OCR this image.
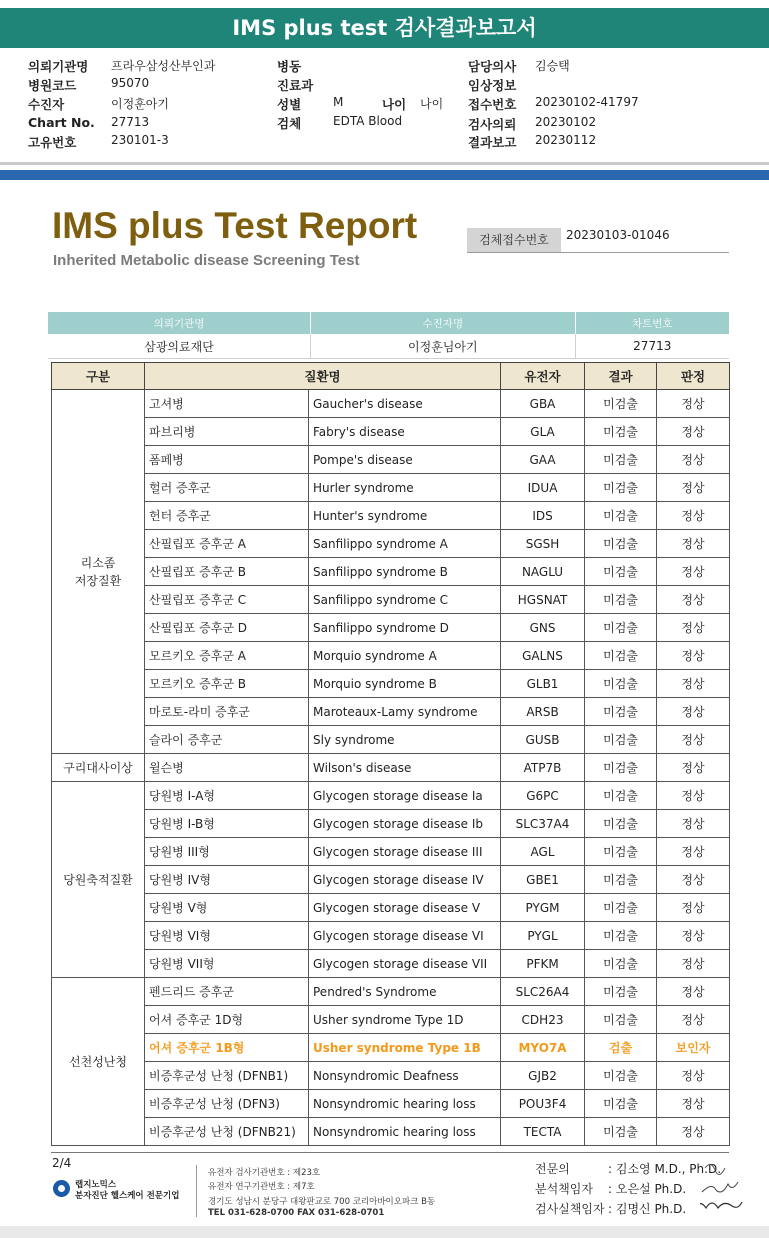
IMS plus test 검사결과보고서
의뢰기관명 프라우삼성산부인과
병원코드	95070
수진자	이정훈아기
Chart No. 27713
고유번호	230101-3
병동
진료과
성별	M	나이 나이
검체	EDTA Blood
담당의사 김승택
임상정보
접수번호 20230102-41797
검사의뢰 20230102
결과보고 20230112
IMS plus Test Report
Inherited Metabolic disease Screening Test
검체접수번호	20230103-01046
의뢰기관명	수진자명	차트번호
삼광의료재단	이정훈님아기	27713
구분	질환명		유전자	결과	판정
리소좀
저장질환	고셔병	Gaucher's disease	GBA	미검출	정상
	파브리병	Fabry's disease	GLA	미검출	정상
	폼페병	Pompe's disease	GAA	미검출	정상
	헐러 증후군	Hurler syndrome	IDUA	미검출	정상
	헌터 증후군	Hunter's syndrome	IDS	미검출	정상
	산필립포 증후군 A	Sanfilippo syndrome A	SGSH	미검출	정상
	산필립포 증후군 B	Sanfilippo syndrome B	NAGLU	미검출	정상
	산필립포 증후군 C	Sanfilippo syndrome C	HGSNAT	미검출	정상
	산필립포 증후군 D	Sanfilippo syndrome D	GNS	미검출	정상
	모르키오 증후군 A	Morquio syndrome A	GALNS	미검출	정상
	모르키오 증후군 B	Morquio syndrome B	GLB1	미검출	정상
	마로토-라미 증후군	Maroteaux-Lamy syndrome	ARSB	미검출	정상
	슬라이 증후군	Sly syndrome	GUSB	미검출	정상
구리대사이상	윌슨병	Wilson's disease	ATP7B	미검출	정상
당원축적질환	당원병 I-A형	Glycogen storage disease Ia	G6PC	미검출	정상
	당원병 I-B형	Glycogen storage disease Ib	SLC37A4	미검출	정상
	당원병 III형	Glycogen storage disease III	AGL	미검출	정상
	당원병 IV형	Glycogen storage disease IV	GBE1	미검출	정상
	당원병 V형	Glycogen storage disease V	PYGM	미검출	정상
	당원병 VI형	Glycogen storage disease VI	PYGL	미검출	정상
	당원병 VII형	Glycogen storage disease VII	PFKM	미검출	정상
선천성난청	펜드리드 증후군	Pendred's Syndrome	SLC26A4	미검출	정상
	어셔 증후군 1D형	Usher syndrome Type 1D	CDH23	미검출	정상
	어셔 증후군 1B형	Usher syndrome Type 1B	MYO7A	검출	보인자
	비증후군성 난청 (DFNB1)	Nonsyndromic Deafness	GJB2	미검출	정상
	비증후군성 난청 (DFN3)	Nonsyndromic hearing loss	POU3F4	미검출	정상
	비증후군성 난청 (DFNB21)	Nonsyndromic hearing loss	TECTA	미검출	정상
2/4
랩지노믹스
분자진단 헬스케어 전문기업
유전자 검사기관번호 : 제23호
유전자 연구기관번호 : 제7호
경기도 성남시 분당구 대왕판교로 700 코리아바이오파크 B동
TEL 031-628-0700 FAX 031-628-0701
전문의	: 김소영 M.D., Ph.D.
분석책임자 : 오은설 Ph.D.
검사실책임자 : 김명신 Ph.D.
